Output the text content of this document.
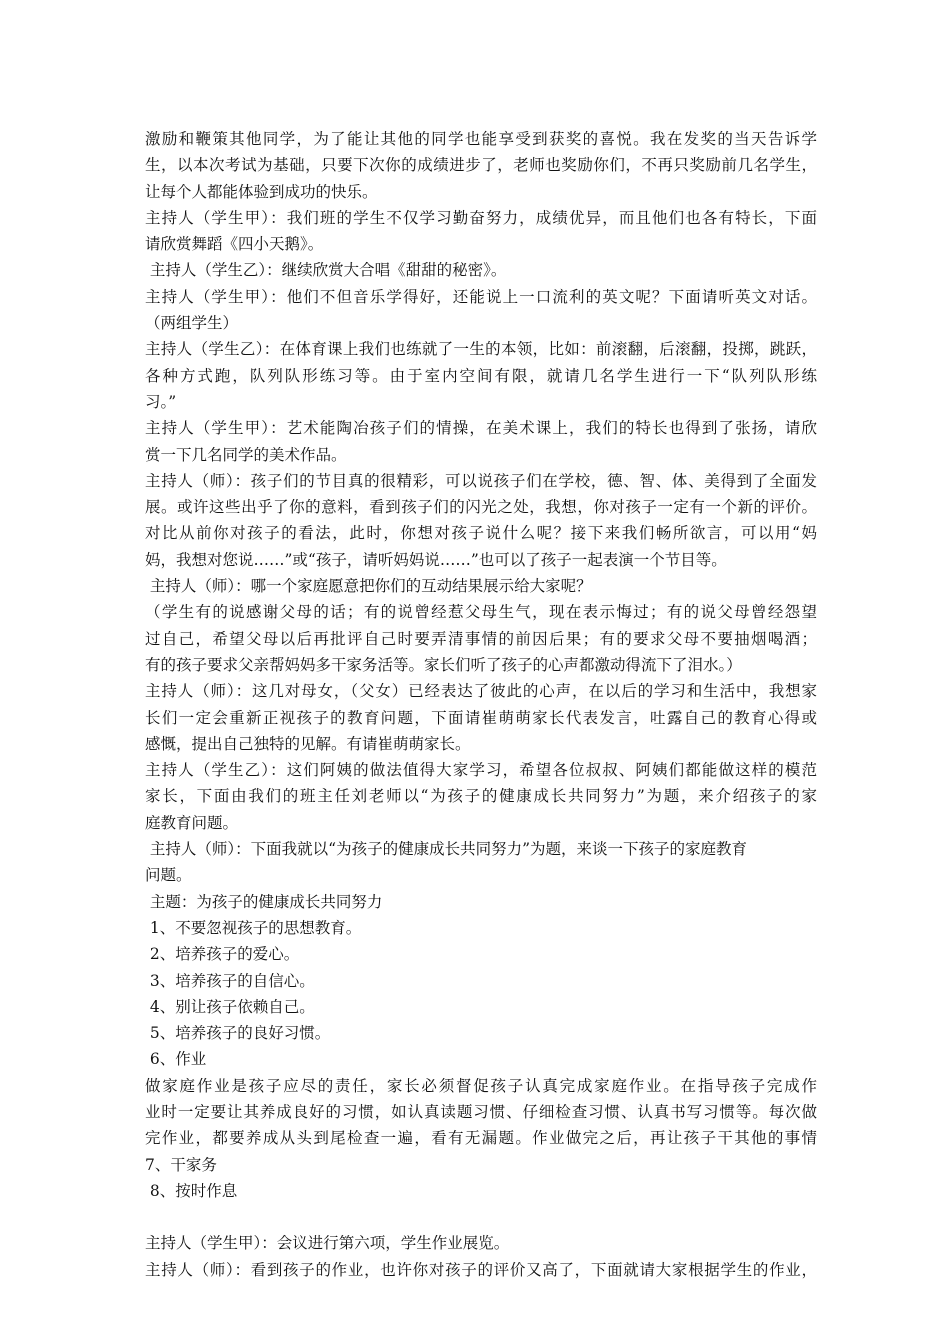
激励和鞭策其他同学，为了能让其他的同学也能享受到获奖的喜悦。我在发奖的当天告诉学
生，以本次考试为基础，只要下次你的成绩进步了，老师也奖励你们，不再只奖励前几名学生，
让每个人都能体验到成功的快乐。
主持人（学生甲）：我们班的学生不仅学习勤奋努力，成绩优异，而且他们也各有特长，下面
请欣赏舞蹈《四小天鹅》。
主持人（学生乙）：继续欣赏大合唱《甜甜的秘密》。
主持人（学生甲）：他们不但音乐学得好，还能说上一口流利的英文呢？下面请听英文对话。
（两组学生）
主持人（学生乙）：在体育课上我们也练就了一生的本领，比如：前滚翻，后滚翻，投掷，跳跃，
各种方式跑，队列队形练习等。由于室内空间有限，就请几名学生进行一下“队列队形练
习。”
主持人（学生甲）：艺术能陶冶孩子们的情操，在美术课上，我们的特长也得到了张扬，请欣
赏一下几名同学的美术作品。
主持人（师）：孩子们的节目真的很精彩，可以说孩子们在学校，德、智、体、美得到了全面发
展。或许这些出乎了你的意料，看到孩子们的闪光之处，我想，你对孩子一定有一个新的评价。
对比从前你对孩子的看法，此时，你想对孩子说什么呢？接下来我们畅所欲言，可以用“妈
妈，我想对您说……”或“孩子，请听妈妈说……”也可以了孩子一起表演一个节目等。
主持人（师）：哪一个家庭愿意把你们的互动结果展示给大家呢？
（学生有的说感谢父母的话；有的说曾经惹父母生气，现在表示悔过；有的说父母曾经怨望
过自己，希望父母以后再批评自己时要弄清事情的前因后果；有的要求父母不要抽烟喝酒；
有的孩子要求父亲帮妈妈多干家务活等。家长们听了孩子的心声都激动得流下了泪水。）
主持人（师）：这几对母女，（父女）已经表达了彼此的心声，在以后的学习和生活中，我想家
长们一定会重新正视孩子的教育问题，下面请崔萌萌家长代表发言，吐露自己的教育心得或
感慨，提出自己独特的见解。有请崔萌萌家长。
主持人（学生乙）：这们阿姨的做法值得大家学习，希望各位叔叔、阿姨们都能做这样的模范
家长，下面由我们的班主任刘老师以“为孩子的健康成长共同努力”为题，来介绍孩子的家
庭教育问题。
主持人（师）：下面我就以“为孩子的健康成长共同努力”为题，来谈一下孩子的家庭教育
问题。
主题：为孩子的健康成长共同努力
1、不要忽视孩子的思想教育。
2、培养孩子的爱心。
3、培养孩子的自信心。
4、别让孩子依赖自己。
5、培养孩子的良好习惯。
6、作业
做家庭作业是孩子应尽的责任，家长必须督促孩子认真完成家庭作业。在指导孩子完成作
业时一定要让其养成良好的习惯，如认真读题习惯、仔细检查习惯、认真书写习惯等。每次做
完作业，都要养成从头到尾检查一遍，看有无漏题。作业做完之后，再让孩子干其他的事情
7、干家务
8、按时作息
主持人（学生甲）：会议进行第六项，学生作业展览。
主持人（师）：看到孩子的作业，也许你对孩子的评价又高了，下面就请大家根据学生的作业，
